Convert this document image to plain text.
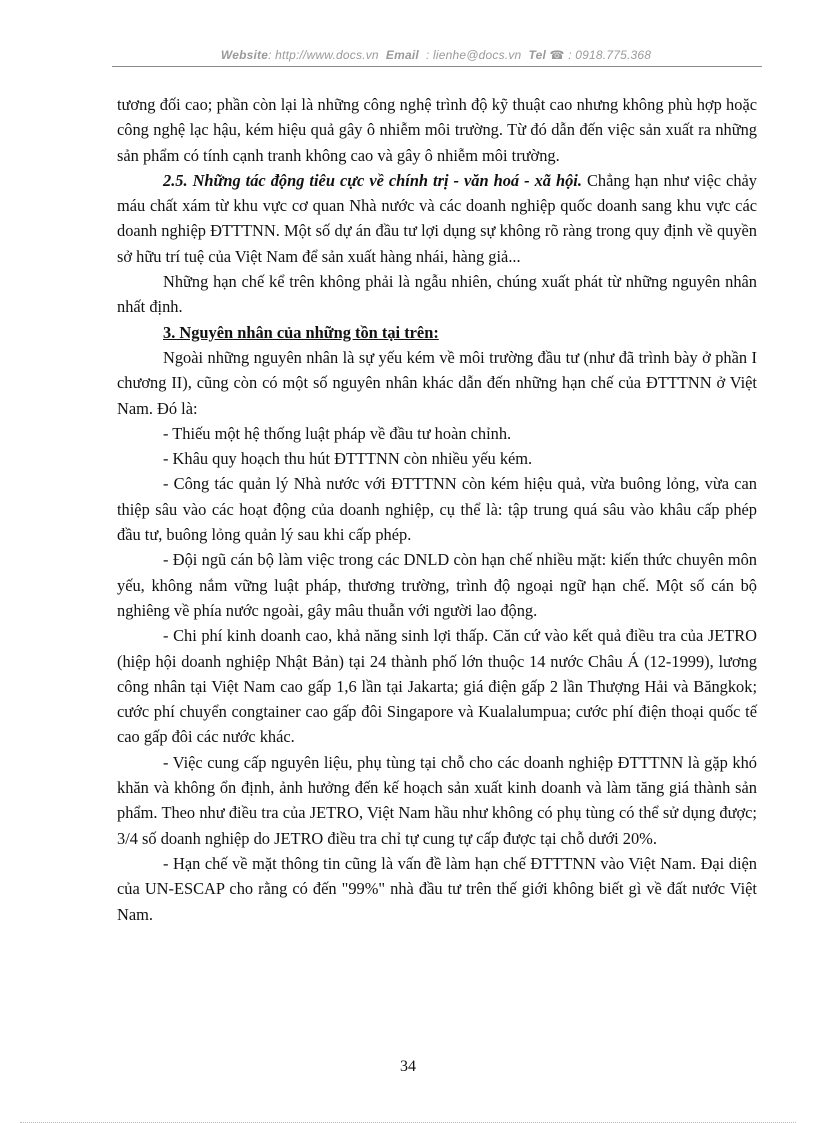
Website: http://www.docs.vn Email : lienhe@docs.vn Tel ☎ : 0918.775.368

tương đối cao; phần còn lại là những công nghệ trình độ kỹ thuật cao nhưng không phù hợp hoặc công nghệ lạc hậu, kém hiệu quả gây ô nhiễm môi trường. Từ đó dẫn đến việc sản xuất ra những sản phẩm có tính cạnh tranh không cao và gây ô nhiễm môi trường.

2.5. Những tác động tiêu cực về chính trị - văn hoá - xã hội. Chẳng hạn như việc chảy máu chất xám từ khu vực cơ quan Nhà nước và các doanh nghiệp quốc doanh sang khu vực các doanh nghiệp ĐTTTNN. Một số dự án đầu tư lợi dụng sự không rõ ràng trong quy định về quyền sở hữu trí tuệ của Việt Nam để sản xuất hàng nhái, hàng giả...

Những hạn chế kể trên không phải là ngẫu nhiên, chúng xuất phát từ những nguyên nhân nhất định.

3. Nguyên nhân của những tồn tại trên:

Ngoài những nguyên nhân là sự yếu kém về môi trường đầu tư (như đã trình bày ở phần I chương II), cũng còn có một số nguyên nhân khác dẫn đến những hạn chế của ĐTTTNN ở Việt Nam. Đó là:

- Thiếu một hệ thống luật pháp về đầu tư hoàn chỉnh.

- Khâu quy hoạch thu hút ĐTTTNN còn nhiều yếu kém.

- Công tác quản lý Nhà nước với ĐTTTNN còn kém hiệu quả, vừa buông lỏng, vừa can thiệp sâu vào các hoạt động của doanh nghiệp, cụ thể là: tập trung quá sâu vào khâu cấp phép đầu tư, buông lỏng quản lý sau khi cấp phép.

- Đội ngũ cán bộ làm việc trong các DNLD còn hạn chế nhiều mặt: kiến thức chuyên môn yếu, không nắm vững luật pháp, thương trường, trình độ ngoại ngữ hạn chế. Một số cán bộ nghiêng về phía nước ngoài, gây mâu thuẫn với người lao động.

- Chi phí kinh doanh cao, khả năng sinh lợi thấp. Căn cứ vào kết quả điều tra của JETRO (hiệp hội doanh nghiệp Nhật Bản) tại 24 thành phố lớn thuộc 14 nước Châu Á (12-1999), lương công nhân tại Việt Nam cao gấp 1,6 lần tại Jakarta; giá điện gấp 2 lần Thượng Hải và Băngkok; cước phí chuyển congtainer cao gấp đôi Singapore và Kualalumpua; cước phí điện thoại quốc tế cao gấp đôi các nước khác.

- Việc cung cấp nguyên liệu, phụ tùng tại chỗ cho các doanh nghiệp ĐTTTNN là gặp khó khăn và không ổn định, ảnh hưởng đến kế hoạch sản xuất kinh doanh và làm tăng giá thành sản phẩm. Theo như điều tra của JETRO, Việt Nam hầu như không có phụ tùng có thể sử dụng được; 3/4 số doanh nghiệp do JETRO điều tra chỉ tự cung tự cấp được tại chỗ dưới 20%.

- Hạn chế về mặt thông tin cũng là vấn đề làm hạn chế ĐTTTNN vào Việt Nam. Đại diện của UN-ESCAP cho rằng có đến "99%" nhà đầu tư trên thế giới không biết gì về đất nước Việt Nam.

34
